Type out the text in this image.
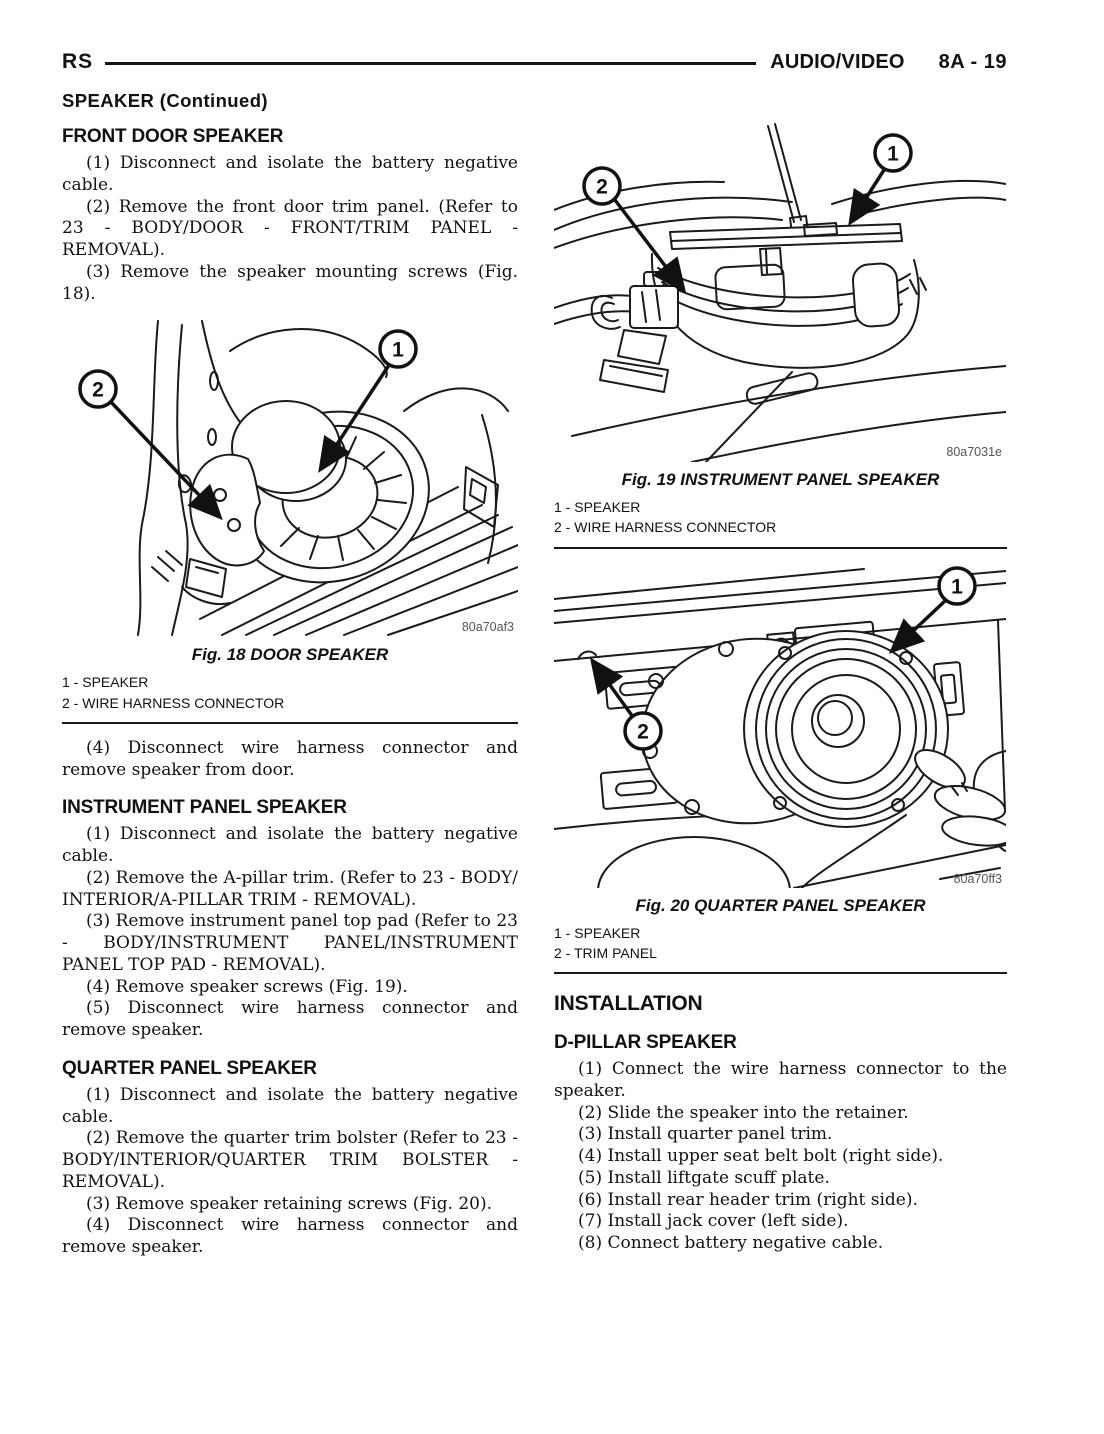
RS	AUDIO/VIDEO 8A - 19
SPEAKER (Continued)
FRONT DOOR SPEAKER

(1) Disconnect and isolate the battery negative cable.

(2) Remove the front door trim panel. (Refer to 23 - BODY/DOOR - FRONT/TRIM PANEL - REMOVAL).

(3) Remove the speaker mounting screws (Fig. 18).

2
1
80a70af3
Fig. 18 DOOR SPEAKER
1 - SPEAKER
2 - WIRE HARNESS CONNECTOR

(4) Disconnect wire harness connector and remove speaker from door.

INSTRUMENT PANEL SPEAKER

(1) Disconnect and isolate the battery negative cable.

(2) Remove the A-pillar trim. (Refer to 23 - BODY/ INTERIOR/A-PILLAR TRIM - REMOVAL).

(3) Remove instrument panel top pad (Refer to 23 - BODY/INSTRUMENT PANEL/INSTRUMENT PANEL TOP PAD - REMOVAL).

(4) Remove speaker screws (Fig. 19).

(5) Disconnect wire harness connector and remove speaker.

QUARTER PANEL SPEAKER

(1) Disconnect and isolate the battery negative cable.

(2) Remove the quarter trim bolster (Refer to 23 - BODY/INTERIOR/QUARTER TRIM BOLSTER - REMOVAL).

(3) Remove speaker retaining screws (Fig. 20).

(4) Disconnect wire harness connector and remove speaker.

2
1
80a7031e
Fig. 19 INSTRUMENT PANEL SPEAKER
1 - SPEAKER
2 - WIRE HARNESS CONNECTOR
2
1
80a70ff3
Fig. 20 QUARTER PANEL SPEAKER
1 - SPEAKER
2 - TRIM PANEL
INSTALLATION
D-PILLAR SPEAKER

(1) Connect the wire harness connector to the speaker.

(2) Slide the speaker into the retainer.

(3) Install quarter panel trim.

(4) Install upper seat belt bolt (right side).

(5) Install liftgate scuff plate.

(6) Install rear header trim (right side).

(7) Install jack cover (left side).

(8) Connect battery negative cable.
